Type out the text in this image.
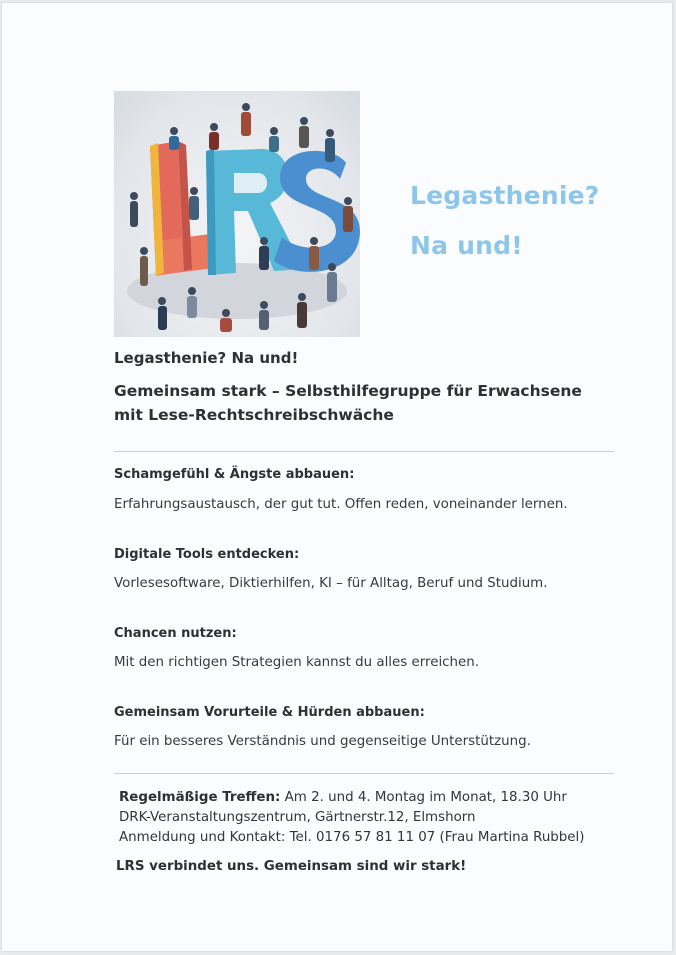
Legasthenie?
Na und!
Legasthenie? Na und!
Gemeinsam stark – Selbsthilfegruppe für Erwachsene mit Lese-Rechtschreibschwäche
Schamgefühl & Ängste abbauen:
Erfahrungsaustausch, der gut tut. Offen reden, voneinander lernen.
Digitale Tools entdecken:
Vorlesesoftware, Diktierhilfen, KI – für Alltag, Beruf und Studium.
Chancen nutzen:
Mit den richtigen Strategien kannst du alles erreichen.
Gemeinsam Vorurteile & Hürden abbauen:
Für ein besseres Verständnis und gegenseitige Unterstützung.
Regelmäßige Treffen: Am 2. und 4. Montag im Monat, 18.30 Uhr
DRK-Veranstaltungszentrum, Gärtnerstr.12, Elmshorn
Anmeldung und Kontakt: Tel. 0176 57 81 11 07 (Frau Martina Rubbel)
LRS verbindet uns. Gemeinsam sind wir stark!
